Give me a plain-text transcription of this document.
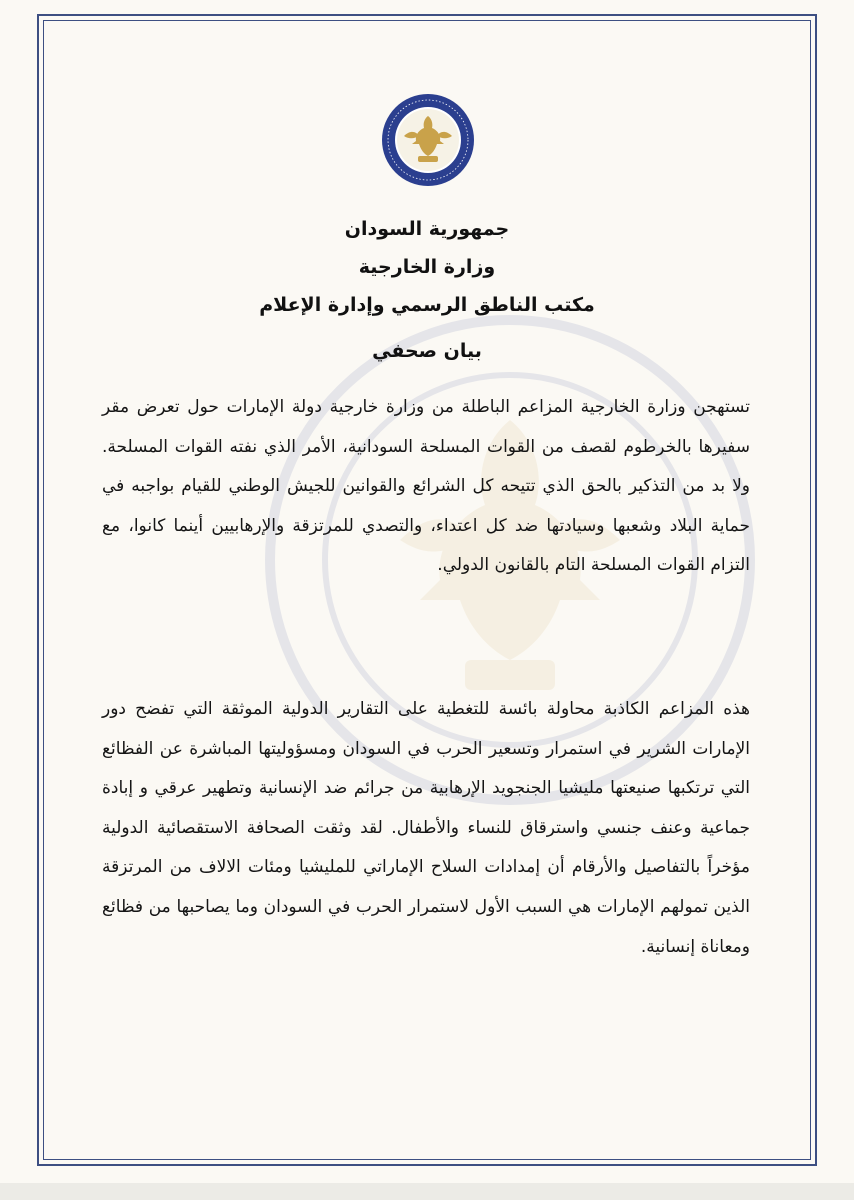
جمهورية السودان
وزارة الخارجية
مكتب الناطق الرسمي وإدارة الإعلام
بيان صحفي
تستهجن وزارة الخارجية المزاعم الباطلة من وزارة خارجية دولة الإمارات حول تعرض مقر سفيرها بالخرطوم لقصف من القوات المسلحة السودانية، الأمر الذي نفته القوات المسلحة. ولا بد من التذكير بالحق الذي تتيحه كل الشرائع والقوانين للجيش الوطني للقيام بواجبه في حماية البلاد وشعبها وسيادتها ضد كل اعتداء، والتصدي للمرتزقة والإرهابيين أينما كانوا، مع التزام القوات المسلحة التام بالقانون الدولي.
هذه المزاعم الكاذبة محاولة بائسة للتغطية على التقارير الدولية الموثقة التي تفضح دور الإمارات الشرير في استمرار وتسعير الحرب في السودان ومسؤوليتها المباشرة عن الفظائع التي ترتكبها صنيعتها مليشيا الجنجويد الإرهابية من جرائم ضد الإنسانية وتطهير عرقي و إبادة جماعية وعنف جنسي واسترقاق للنساء والأطفال. لقد وثقت الصحافة الاستقصائية الدولية مؤخراً بالتفاصيل والأرقام أن إمدادات السلاح الإماراتي للمليشيا ومئات الالاف من المرتزقة الذين تمولهم الإمارات هي السبب الأول لاستمرار الحرب في السودان وما يصاحبها من فظائع ومعاناة إنسانية.
